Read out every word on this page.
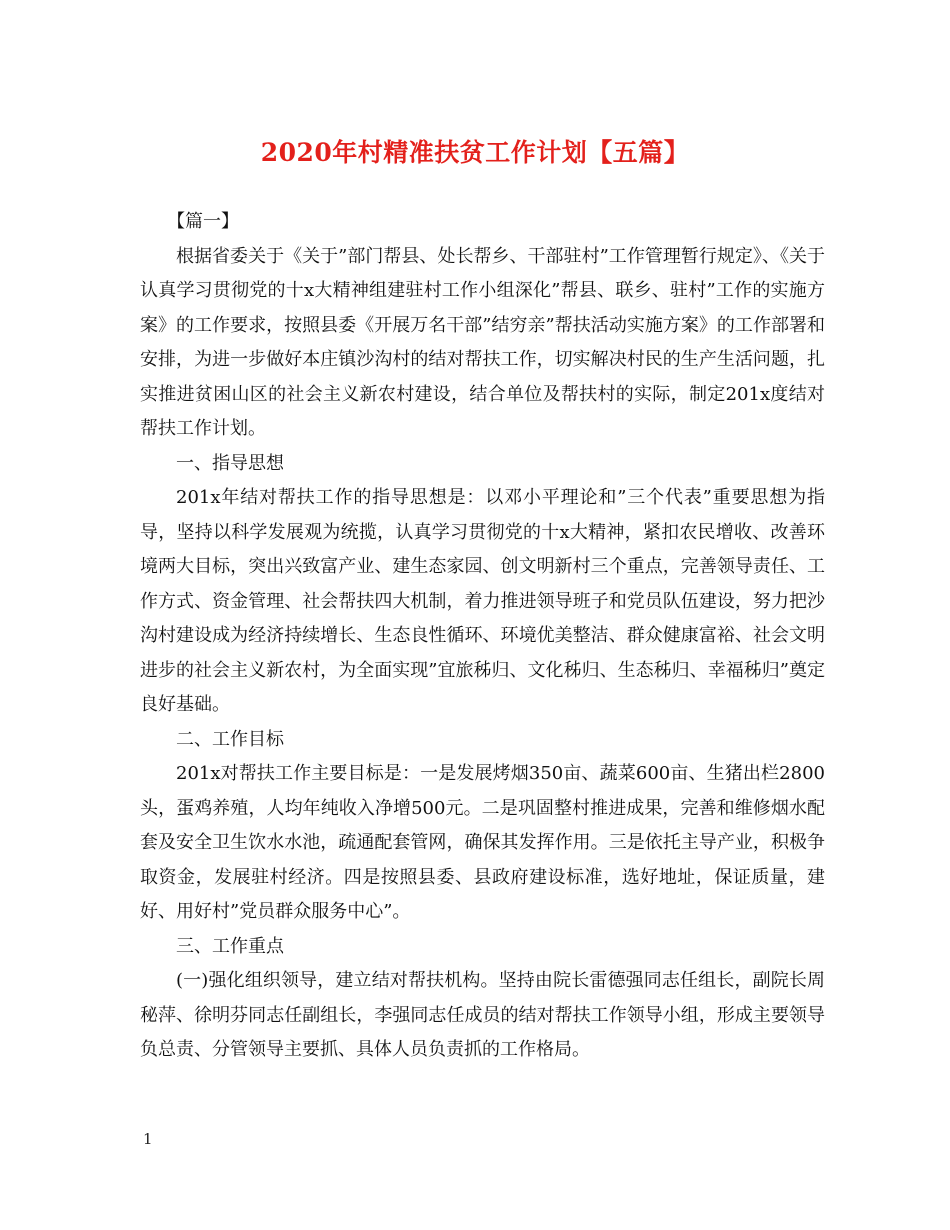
2020年村精准扶贫工作计划【五篇】

【篇一】

根据省委关于《关于”部门帮县、处长帮乡、干部驻村”工作管理暂行规定》、《关于认真学习贯彻党的十x大精神组建驻村工作小组深化”帮县、联乡、驻村”工作的实施方案》的工作要求，按照县委《开展万名干部”结穷亲”帮扶活动实施方案》的工作部署和安排，为进一步做好本庄镇沙沟村的结对帮扶工作，切实解决村民的生产生活问题，扎实推进贫困山区的社会主义新农村建设，结合单位及帮扶村的实际，制定201x度结对帮扶工作计划。

一、指导思想

201x年结对帮扶工作的指导思想是：以邓小平理论和”三个代表”重要思想为指导，坚持以科学发展观为统揽，认真学习贯彻党的十x大精神，紧扣农民增收、改善环境两大目标，突出兴致富产业、建生态家园、创文明新村三个重点，完善领导责任、工作方式、资金管理、社会帮扶四大机制，着力推进领导班子和党员队伍建设，努力把沙沟村建设成为经济持续增长、生态良性循环、环境优美整洁、群众健康富裕、社会文明进步的社会主义新农村，为全面实现”宜旅秭归、文化秭归、生态秭归、幸福秭归”奠定良好基础。

二、工作目标

201x对帮扶工作主要目标是：一是发展烤烟350亩、蔬菜600亩、生猪出栏2800头，蛋鸡养殖，人均年纯收入净增500元。二是巩固整村推进成果，完善和维修烟水配套及安全卫生饮水水池，疏通配套管网，确保其发挥作用。三是依托主导产业，积极争取资金，发展驻村经济。四是按照县委、县政府建设标准，选好地址，保证质量，建好、用好村”党员群众服务中心”。

三、工作重点

(一)强化组织领导，建立结对帮扶机构。坚持由院长雷德强同志任组长，副院长周秘萍、徐明芬同志任副组长，李强同志任成员的结对帮扶工作领导小组，形成主要领导负总责、分管领导主要抓、具体人员负责抓的工作格局。

1
